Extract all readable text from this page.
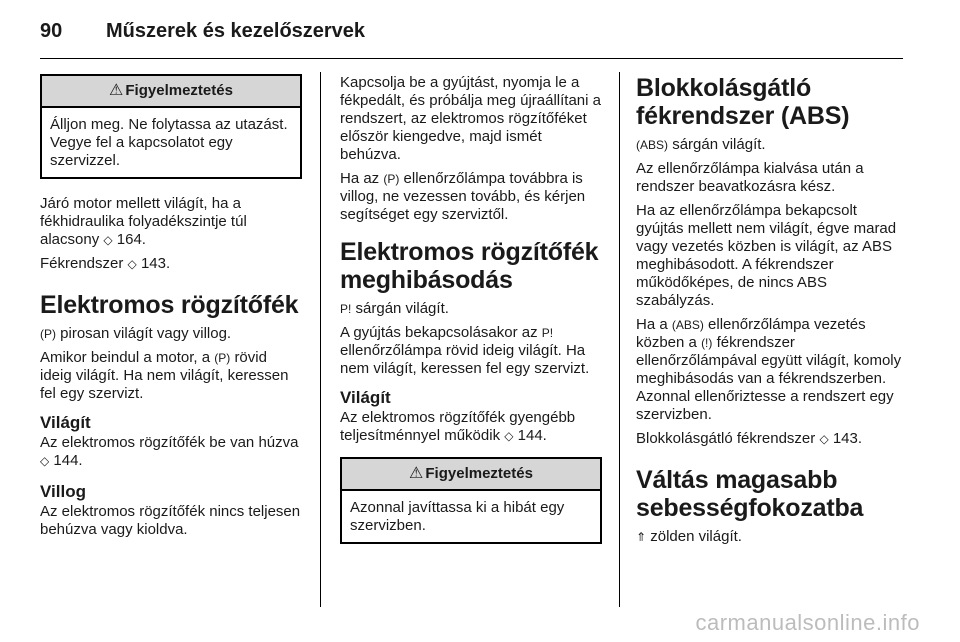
90 Műszerek és kezelőszervek
⚠ Figyelmeztetés
Álljon meg. Ne folytassa az utazást. Vegye fel a kapcsolatot egy szervizzel.

Járó motor mellett világít, ha a fékhidraulika folyadékszintje túl alacsony ◇ 164.

Fékrendszer ◇ 143.

Elektromos rögzítőfék

(P) pirosan világít vagy villog.

Amikor beindul a motor, a (P) rövid ideig világít. Ha nem világít, keressen fel egy szervizt.

Világít

Az elektromos rögzítőfék be van húzva ◇ 144.

Villog

Az elektromos rögzítőfék nincs teljesen behúzva vagy kioldva.

Kapcsolja be a gyújtást, nyomja le a fékpedált, és próbálja meg újraállítani a rendszert, az elektromos rögzítőféket először kiengedve, majd ismét behúzva.

Ha az (P) ellenőrzőlámpa továbbra is villog, ne vezessen tovább, és kérjen segítséget egy szerviztől.

Elektromos rögzítőfék meghibásodás

P! sárgán világít.

A gyújtás bekapcsolásakor az P! ellenőrzőlámpa rövid ideig világít. Ha nem világít, keressen fel egy szervizt.

Világít

Az elektromos rögzítőfék gyengébb teljesítménnyel működik ◇ 144.

⚠ Figyelmeztetés
Azonnal javíttassa ki a hibát egy szervizben.
Blokkolásgátló fékrendszer (ABS)

(ABS) sárgán világít.

Az ellenőrzőlámpa kialvása után a rendszer beavatkozásra kész.

Ha az ellenőrzőlámpa bekapcsolt gyújtás mellett nem világít, égve marad vagy vezetés közben is világít, az ABS meghibásodott. A fékrendszer működőképes, de nincs ABS szabályzás.

Ha a (ABS) ellenőrzőlámpa vezetés közben a (!) fékrendszer ellenőrzőlámpával együtt világít, komoly meghibásodás van a fékrendszerben. Azonnal ellenőriztesse a rendszert egy szervizben.

Blokkolásgátló fékrendszer ◇ 143.

Váltás magasabb sebességfokozatba

⇑ zölden világít.

carmanualsonline.info
